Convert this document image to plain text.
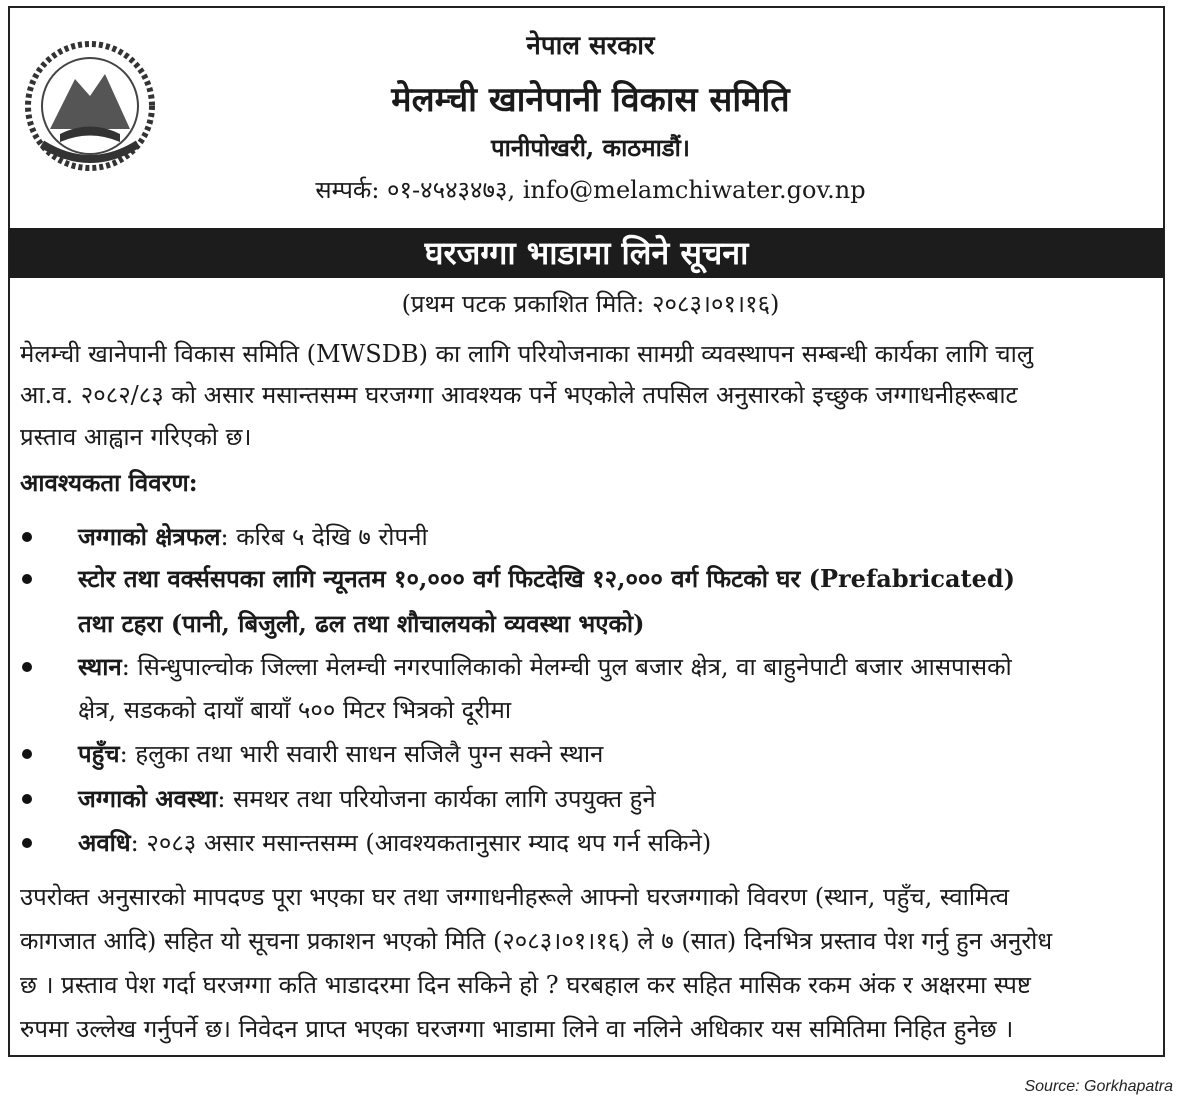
नेपाल सरकार
मेलम्ची खानेपानी विकास समिति
पानीपोखरी, काठमाडौं।
सम्पर्क: ०१-४५४३४७३, info@melamchiwater.gov.np
घरजग्गा भाडामा लिने सूचना
(प्रथम पटक प्रकाशित मिति: २०८३।०१।१६)
मेलम्ची खानेपानी विकास समिति (MWSDB) का लागि परियोजनाका सामग्री व्यवस्थापन सम्बन्धी कार्यका लागि चालु
आ.व. २०८२/८३ को असार मसान्तसम्म घरजग्गा आवश्यक पर्ने भएकोले तपसिल अनुसारको इच्छुक जग्गाधनीहरूबाट
प्रस्ताव आह्वान गरिएको छ।
आवश्यकता विवरण:
जग्गाको क्षेत्रफल: करिब ५ देखि ७ रोपनी
स्टोर तथा वर्क्ससपका लागि न्यूनतम १०,००० वर्ग फिटदेखि १२,००० वर्ग फिटको घर (Prefabricated)
तथा टहरा (पानी, बिजुली, ढल तथा शौचालयको व्यवस्था भएको)
स्थान: सिन्धुपाल्चोक जिल्ला मेलम्ची नगरपालिकाको मेलम्ची पुल बजार क्षेत्र, वा बाहुनेपाटी बजार आसपासको
क्षेत्र, सडकको दायाँ बायाँ ५०० मिटर भित्रको दूरीमा
पहुँच: हलुका तथा भारी सवारी साधन सजिलै पुग्न सक्ने स्थान
जग्गाको अवस्था: समथर तथा परियोजना कार्यका लागि उपयुक्त हुने
अवधि: २०८३ असार मसान्तसम्म (आवश्यकतानुसार म्याद थप गर्न सकिने)
उपरोक्त अनुसारको मापदण्ड पूरा भएका घर तथा जग्गाधनीहरूले आफ्नो घरजग्गाको विवरण (स्थान, पहुँच, स्वामित्व
कागजात आदि) सहित यो सूचना प्रकाशन भएको मिति (२०८३।०१।१६) ले ७ (सात) दिनभित्र प्रस्ताव पेश गर्नु हुन अनुरोध
छ । प्रस्ताव पेश गर्दा घरजग्गा कति भाडादरमा दिन सकिने हो ? घरबहाल कर सहित मासिक रकम अंक र अक्षरमा स्पष्ट
रुपमा उल्लेख गर्नुपर्ने छ। निवेदन प्राप्त भएका घरजग्गा भाडामा लिने वा नलिने अधिकार यस समितिमा निहित हुनेछ ।
Source: Gorkhapatra
